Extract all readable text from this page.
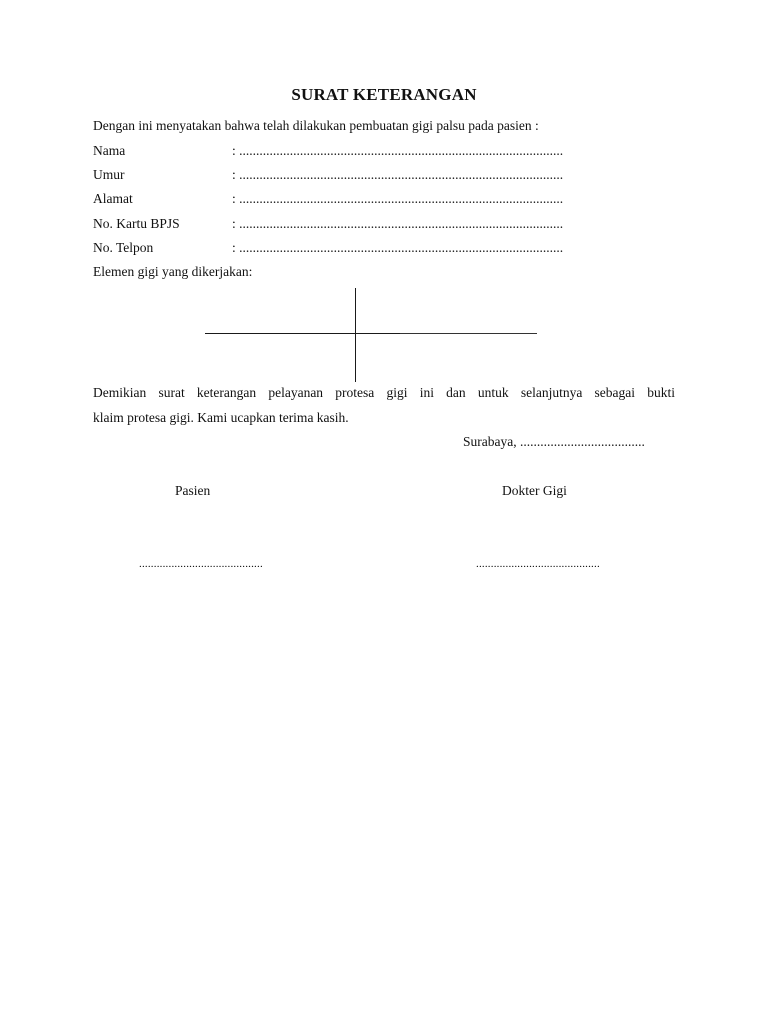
SURAT KETERANGAN
Dengan ini menyatakan bahwa telah dilakukan pembuatan gigi palsu pada pasien :
Nama	: ................................................................................................
Umur	: ................................................................................................
Alamat	: ................................................................................................
No. Kartu BPJS	: ................................................................................................
No. Telpon	: ................................................................................................
Elemen gigi yang dikerjakan:
Demikian surat keterangan pelayanan protesa gigi ini dan untuk selanjutnya sebagai bukti
klaim protesa gigi. Kami ucapkan terima kasih.
Surabaya, .....................................
Pasien	Dokter Gigi
..........................................	..........................................
